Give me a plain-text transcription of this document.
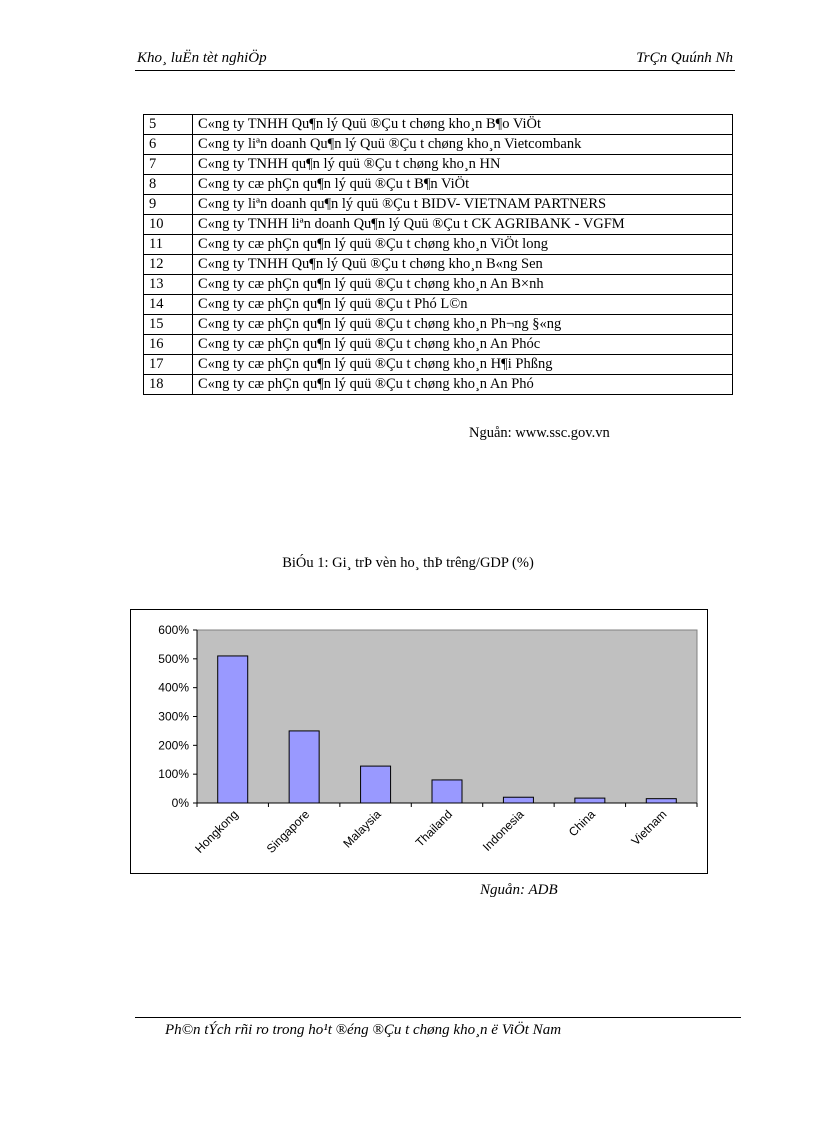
Kho¸ luËn tèt nghiÖp	TrÇn Quúnh Nh
5	C«ng ty TNHH Qu¶n lý Quü ®Çu t chøng kho¸n B¶o ViÖt
6	C«ng ty liªn doanh Qu¶n lý Quü ®Çu t chøng kho¸n Vietcombank
7	C«ng ty TNHH qu¶n lý quü ®Çu t chøng kho¸n HN
8	C«ng ty cæ phÇn qu¶n lý quü ®Çu t B¶n ViÖt
9	C«ng ty liªn doanh qu¶n lý quü ®Çu t BIDV- VIETNAM PARTNERS
10	C«ng ty TNHH liªn doanh Qu¶n lý Quü ®Çu t CK AGRIBANK - VGFM
11	C«ng ty cæ phÇn qu¶n lý quü ®Çu t chøng kho¸n ViÖt long
12	C«ng ty TNHH Qu¶n lý Quü ®Çu t chøng kho¸n B«ng Sen
13	C«ng ty cæ phÇn qu¶n lý quü ®Çu t chøng kho¸n An B×nh
14	C«ng ty cæ phÇn qu¶n lý quü ®Çu t Phó L©n
15	C«ng ty cæ phÇn qu¶n lý quü ®Çu t chøng kho¸n Ph¬ng §«ng
16	C«ng ty cæ phÇn qu¶n lý quü ®Çu t chøng kho¸n An Phóc
17	C«ng ty cæ phÇn qu¶n lý quü ®Çu t chøng kho¸n H¶i Phßng
18	C«ng ty cæ phÇn qu¶n lý quü ®Çu t chøng kho¸n An Phó
Nguån: www.ssc.gov.vn
BiÓu 1: Gi¸ trÞ vèn ho¸ thÞ trêng/GDP (%)
0%
100%
200%
300%
400%
500%
600%
Hongkong Singapore Malaysia Thailand Indonesia	China	Vietnam
Nguån: ADB
Ph©n tÝch rñi ro trong ho¹t ®éng ®Çu t chøng kho¸n ë ViÖt Nam
